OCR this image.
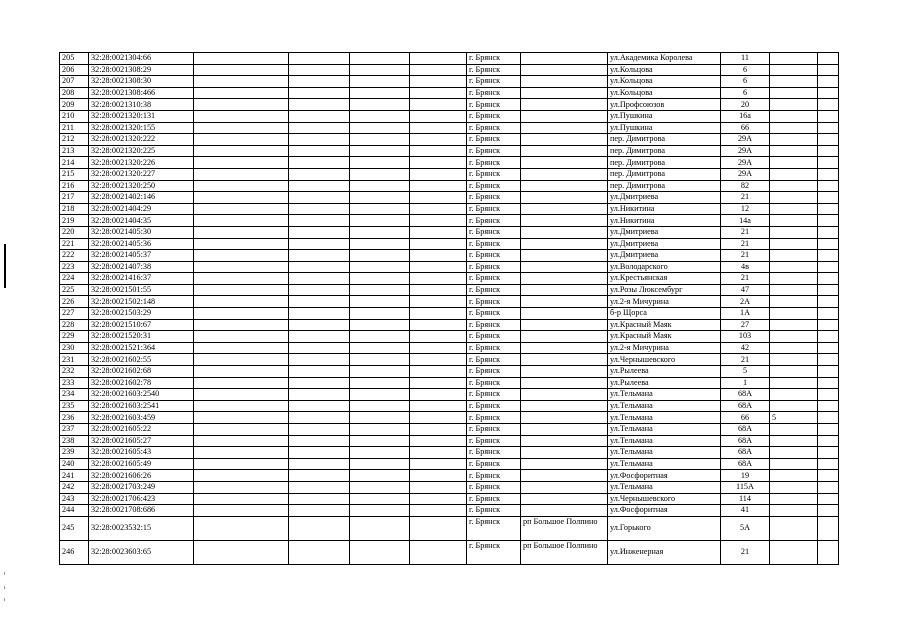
205	32:28:0021304:66					г. Брянск		ул.Академика Королева	11		
206	32:28:0021308:29					г. Брянск		ул.Кольцова	6		
207	32:28:0021308:30					г. Брянск		ул.Кольцова	6		
208	32:28:0021308:466					г. Брянск		ул.Кольцова	6		
209	32:28:0021310:38					г. Брянск		ул.Профсоюзов	20		
210	32:28:0021320:131					г. Брянск		ул.Пушкина	16а		
211	32:28:0021320:155					г. Брянск		ул.Пушкина	66		
212	32:28:0021320:222					г. Брянск		пер. Димитрова	29А		
213	32:28:0021320:225					г. Брянск		пер. Димитрова	29А		
214	32:28:0021320:226					г. Брянск		пер. Димитрова	29А		
215	32:28:0021320:227					г. Брянск		пер. Димитрова	29А		
216	32:28:0021320:250					г. Брянск		пер. Димитрова	82		
217	32:28:0021402:146					г. Брянск		ул.Дмитриева	21		
218	32:28:0021404:29					г. Брянск		ул.Никитина	12		
219	32:28:0021404:35					г. Брянск		ул.Никитина	14а		
220	32:28:0021405:30					г. Брянск		ул.Дмитриева	21		
221	32:28:0021405:36					г. Брянск		ул.Дмитриева	21		
222	32:28:0021405:37					г. Брянск		ул.Дмитриева	21		
223	32:28:0021407:38					г. Брянск		ул.Володарского	4в		
224	32:28:0021416:37					г. Брянск		ул.Крестьянская	21		
225	32:28:0021501:55					г. Брянск		ул.Розы Люксембург	47		
226	32:28:0021502:148					г. Брянск		ул.2-я Мичурина	2А		
227	32:28:0021503:29					г. Брянск		б-р Щорса	1А		
228	32:28:0021510:67					г. Брянск		ул.Красный Маяк	27		
229	32:28:0021520:31					г. Брянск		ул.Красный Маяк	103		
230	32:28:0021521:364					г. Брянск		ул.2-я Мичурина	42		
231	32:28:0021602:55					г. Брянск		ул.Чернышевского	21		
232	32:28:0021602:68					г. Брянск		ул.Рылеева	5		
233	32:28:0021602:78					г. Брянск		ул.Рылеева	1		
234	32:28:0021603:2540					г. Брянск		ул.Тельмана	68А		
235	32:28:0021603:2541					г. Брянск		ул.Тельмана	68А		
236	32:28:0021603:459					г. Брянск		ул.Тельмана	66	5	
237	32:28:0021605:22					г. Брянск		ул.Тельмана	68А		
238	32:28:0021605:27					г. Брянск		ул.Тельмана	68А		
239	32:28:0021605:43					г. Брянск		ул.Тельмана	68А		
240	32:28:0021605:49					г. Брянск		ул.Тельмана	68А		
241	32:28:0021606:26					г. Брянск		ул.Фосфоритная	19		
242	32:28:0021703:249					г. Брянск		ул.Тельмана	115А		
243	32:28:0021706:423					г. Брянск		ул.Чернышевского	114		
244	32:28:0021708:686					г. Брянск		ул.Фосфоритная	41		
245	32:28:0023532:15					г. Брянск	рп Большое Полпино	ул.Горького	5А		
246	32:28:0023603:65					г. Брянск	рп Большое Полпино	ул.Инженерная	21		
